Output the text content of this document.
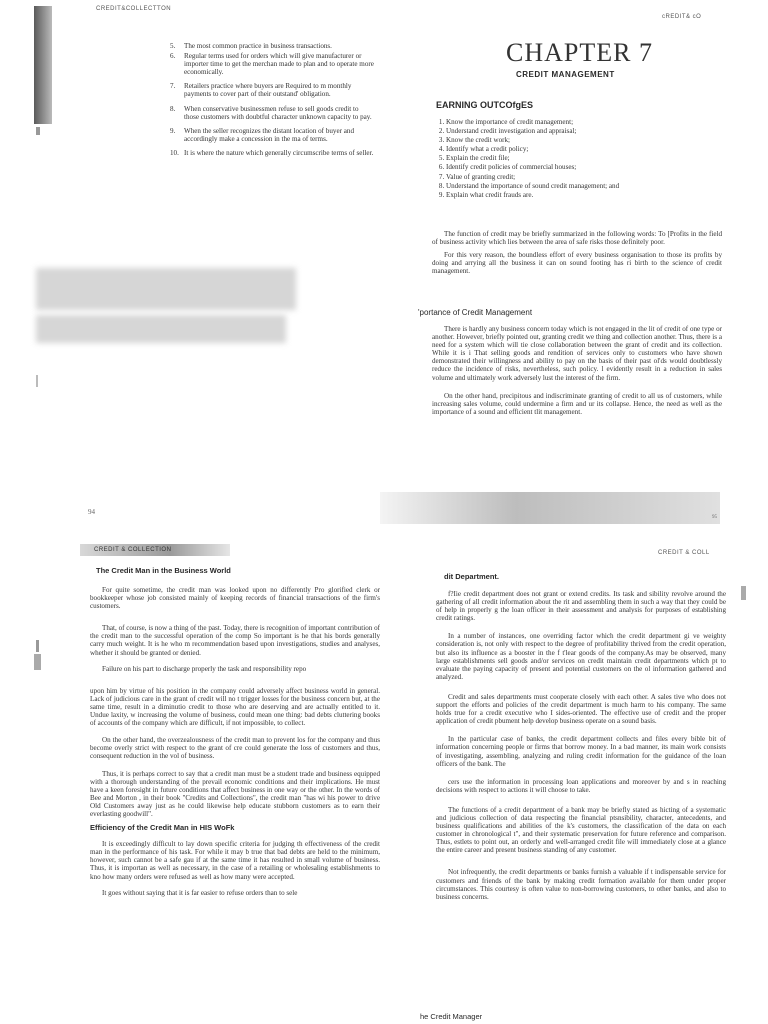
CREDIT&COLLECTTON
5.	The most common practice in business transactions.
6.	Regular terms used for orders which will give manufacturer or importer time to get the merchan made to plan and to operate more economically.
7.	Retailers practice where buyers are Required to m monthly payments to cover part of their outstand' obligation.
8.	When conservative businessmen refuse to sell goods credit to those customers with doubtful character unknown capacity to pay.
9.	When the seller recognizes the distant location of buyer and accordingly make a concession in the ma of terms.
10. It is where the nature which generally circumscribe terms of seller.
94
cREDIT& cO
CHAPTER 7
CREDIT MANAGEMENT
EARNING OUTCOfgES
1. Know the importance of credit management;
2. Understand credit investigation and appraisal;
3. Know the credit work;
4. Identify what a credit policy;
5. Explain the credit file;
6. Identify credit policies of commercial houses;
7. Value of granting credit;
8. Understand the importance of sound credit management; and
9. Explain what credit frauds are.

The function of credit may be briefly summarized in the following words: To [Profits in the field of business activity which lies between the area of safe risks those definitely poor.

For this very reason, the boundless effort of every business organisation to those its profits by doing and arrying all the business it can on sound footing has ri birth to the science of credit management.

'portance of Credit Management

There is hardly any business concern today which is not engaged in the lit of credit of one type or another. However, briefly pointed out, granting credit we thing and collection another. Thus, there is a need for a system which will tie close collaboration between the grant of credit and its collection. While it is i That selling goods and rendition of services only to customers who have shown demonstrated their willingness and ability to pay on the basis of their past ol'ds would doubtlessly reduce the incidence of risks, nevertheless, such policy. l evidently result in a reduction in sales volume and ultimately work adversely lust the interest of the firm.

On the other hand, precipitous and indiscriminate granting of credit to all us of customers, while increasing sales volume, could undermine a firm and ur its collapse. Hence, the need as well as the importance of a sound and efficient tlit management.

95
CREDIT & COLLECTION
The Credit Man in the Business World

For quite sometime, the credit man was looked upon no differently Pro glorified clerk or bookkeeper whose job consisted mainly of keeping records of financial transactions of the firm's customers.

That, of course, is now a thing of the past. Today, there is recognition of important contribution of the credit man to the successful operation of the comp So important is he that his bords generally carry much weight. It is he who m recommendation based upon investigations, studies and analyses, whether it should be granted or denied.

Failure on his part to discharge properly the task and responsibility repo

upon him by virtue of his position in the company could adversely affect business world in general. Lack of judicious care in the grant of credit will no t trigger losses for the business concern but, at the same time, result in a diminutio credit to those who are deserving and are actually entitled to it. Undue laxity, w increasing the volume of business, could mean one thing: bad debts cluttering books of accounts of the company which are difficult, if not impossible, to collect.

On the other hand, the overzealousness of the credit man to prevent los for the company and thus become overly strict with respect to the grant of cre could generate the loss of customers and thus, consequent reduction in the vol of business.

Thus, it is perhaps correct to say that a credit man must be a student trade and business equipped with a thorough understanding of the prevail economic conditions and their implications. He must have a keen foresight in future conditions that affect business in one way or the other. In the words of Bee and Morton , in their book "Credits and Collections", the credit man "has wi his power to drive Old Customers away just as he could likewise help educate stubborn customers as to earn their everlasting goodwill".

Efficiency of the Credit Man in HIS WoFk

It is exceedingly difficult to lay down specific criteria for judging th effectiveness of the credit man in the performance of his task. For while it may b true that bad debts are held to the minimum, however, such cannot be a safe gau if at the same time it has resulted in small volume of business. Thus, it is importan as well as necessary, in the case of a retailing or wholesaling establishments to kno how many orders were refused as well as how many were accepted.

It goes without saying that it is far easier to refuse orders than to sele

CREDIT & COLL
dit Department.

f?Iie credit department does not grant or extend credits. Its task and sibility revolve around the gathering of all credit information about the rit and assembling them in such a way that they could be of help in properly g the loan officer in their assessment and analysis for purposes of establishing credit ratings.

In a number of instances, one overriding factor which the credit department gi ve weighty consideration is, not only with respect to the degree of profitability thrived from the credit operation, but also its influence as a booster in the f t'lear goods of the company.As may be observed, many large establishments sell goods and/or services on credit maintain credit departments which pt to evaluate the paying capacity of present and potential customers on the ol information gathered and analyzed.

Credit and sales departments must cooperate closely with each other. A sales tive who does not support the efforts and policies of the credit department is much harm to his company. The same holds true for a credit executive who I sides-oriented. The effective use of credit and the proper application of credit pbument help develop business operate on a sound basis.

In the particular case of banks, the credit department collects and files every bible bit of information concerning people or firms that borrow money. In a bad manner, its main work consists of investigating, assembling, analyzing and ruling credit information for the guidance of the loan officers of the bank. The

cers use the information in processing loan applications and moreover by and s in reaching decisions with respect to actions it will choose to take.

The functions of a credit department of a bank may be briefly stated as hicting of a systematic and judicious collection of data respecting the financial ptsnsibility, character, antecedents, and business qualifications and abilities of the k's customers, the classification of the data on each customer in chronological t", and their systematic preservation for future reference and comparison. Thus, estlets to point out, an orderly and well-arranged credit file will immediately close at a glance the entire career and present business standing of any customer.

Not infrequently, the credit departments or banks furnish a valuable if t indispensable service for customers and friends of the bank by making credit formation available for them under proper circumstances. This courtesy is often value to non-borrowing customers, to other banks, and also to business concerns.

he Credit Manager
